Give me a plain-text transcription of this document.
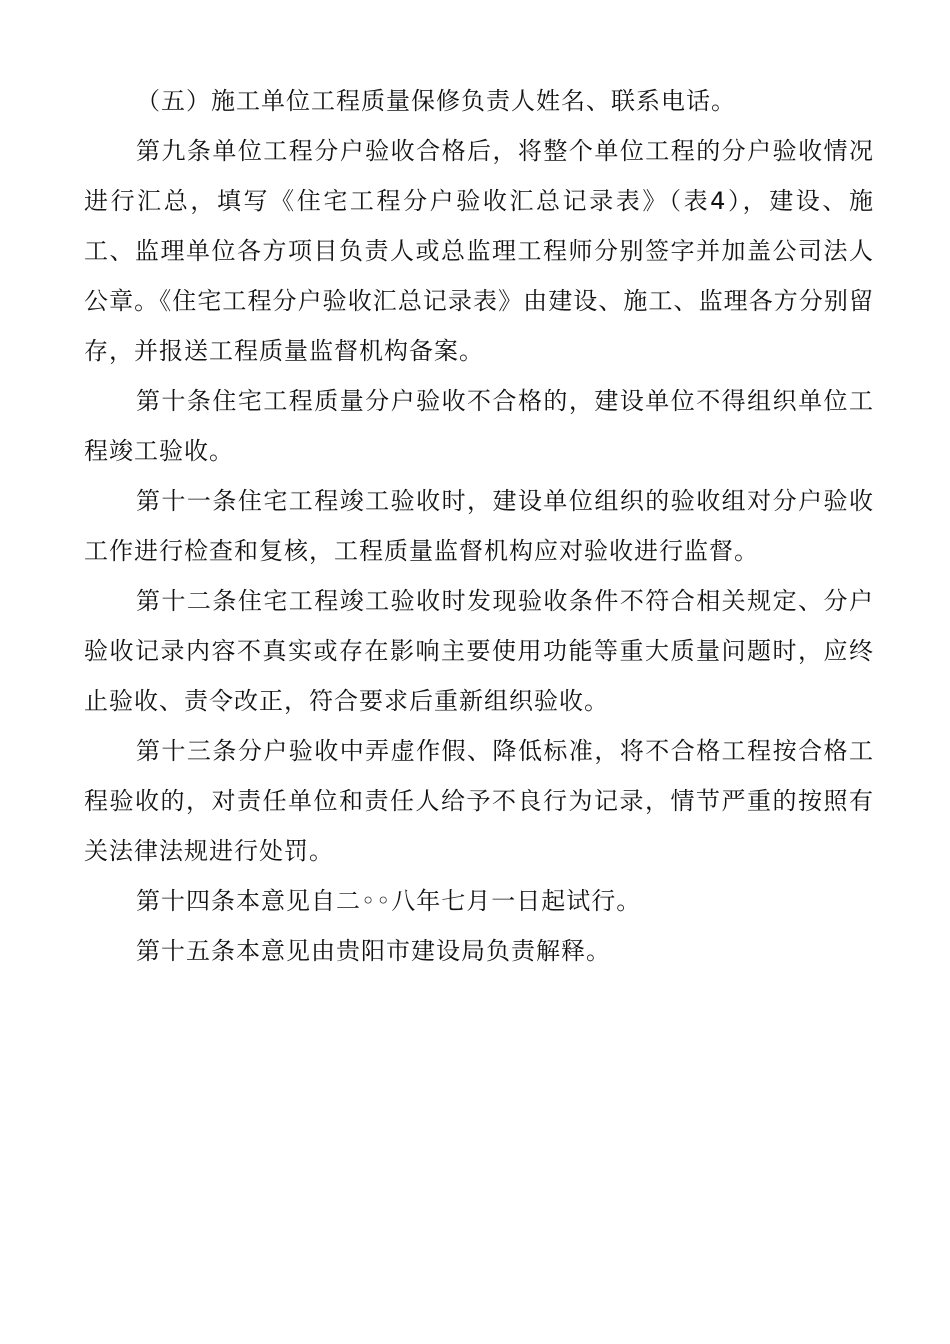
（五）施工单位工程质量保修负责人姓名、联系电话。

第九条单位工程分户验收合格后，将整个单位工程的分户验收情况进行汇总，填写《住宅工程分户验收汇总记录表》（表4），建设、施工、监理单位各方项目负责人或总监理工程师分别签字并加盖公司法人公章。《住宅工程分户验收汇总记录表》由建设、施工、监理各方分别留存，并报送工程质量监督机构备案。

第十条住宅工程质量分户验收不合格的，建设单位不得组织单位工程竣工验收。

第十一条住宅工程竣工验收时，建设单位组织的验收组对分户验收工作进行检查和复核，工程质量监督机构应对验收进行监督。

第十二条住宅工程竣工验收时发现验收条件不符合相关规定、分户验收记录内容不真实或存在影响主要使用功能等重大质量问题时，应终止验收、责令改正，符合要求后重新组织验收。

第十三条分户验收中弄虚作假、降低标准，将不合格工程按合格工程验收的，对责任单位和责任人给予不良行为记录，情节严重的按照有关法律法规进行处罚。

第十四条本意见自二◦◦八年七月一日起试行。

第十五条本意见由贵阳市建设局负责解释。
